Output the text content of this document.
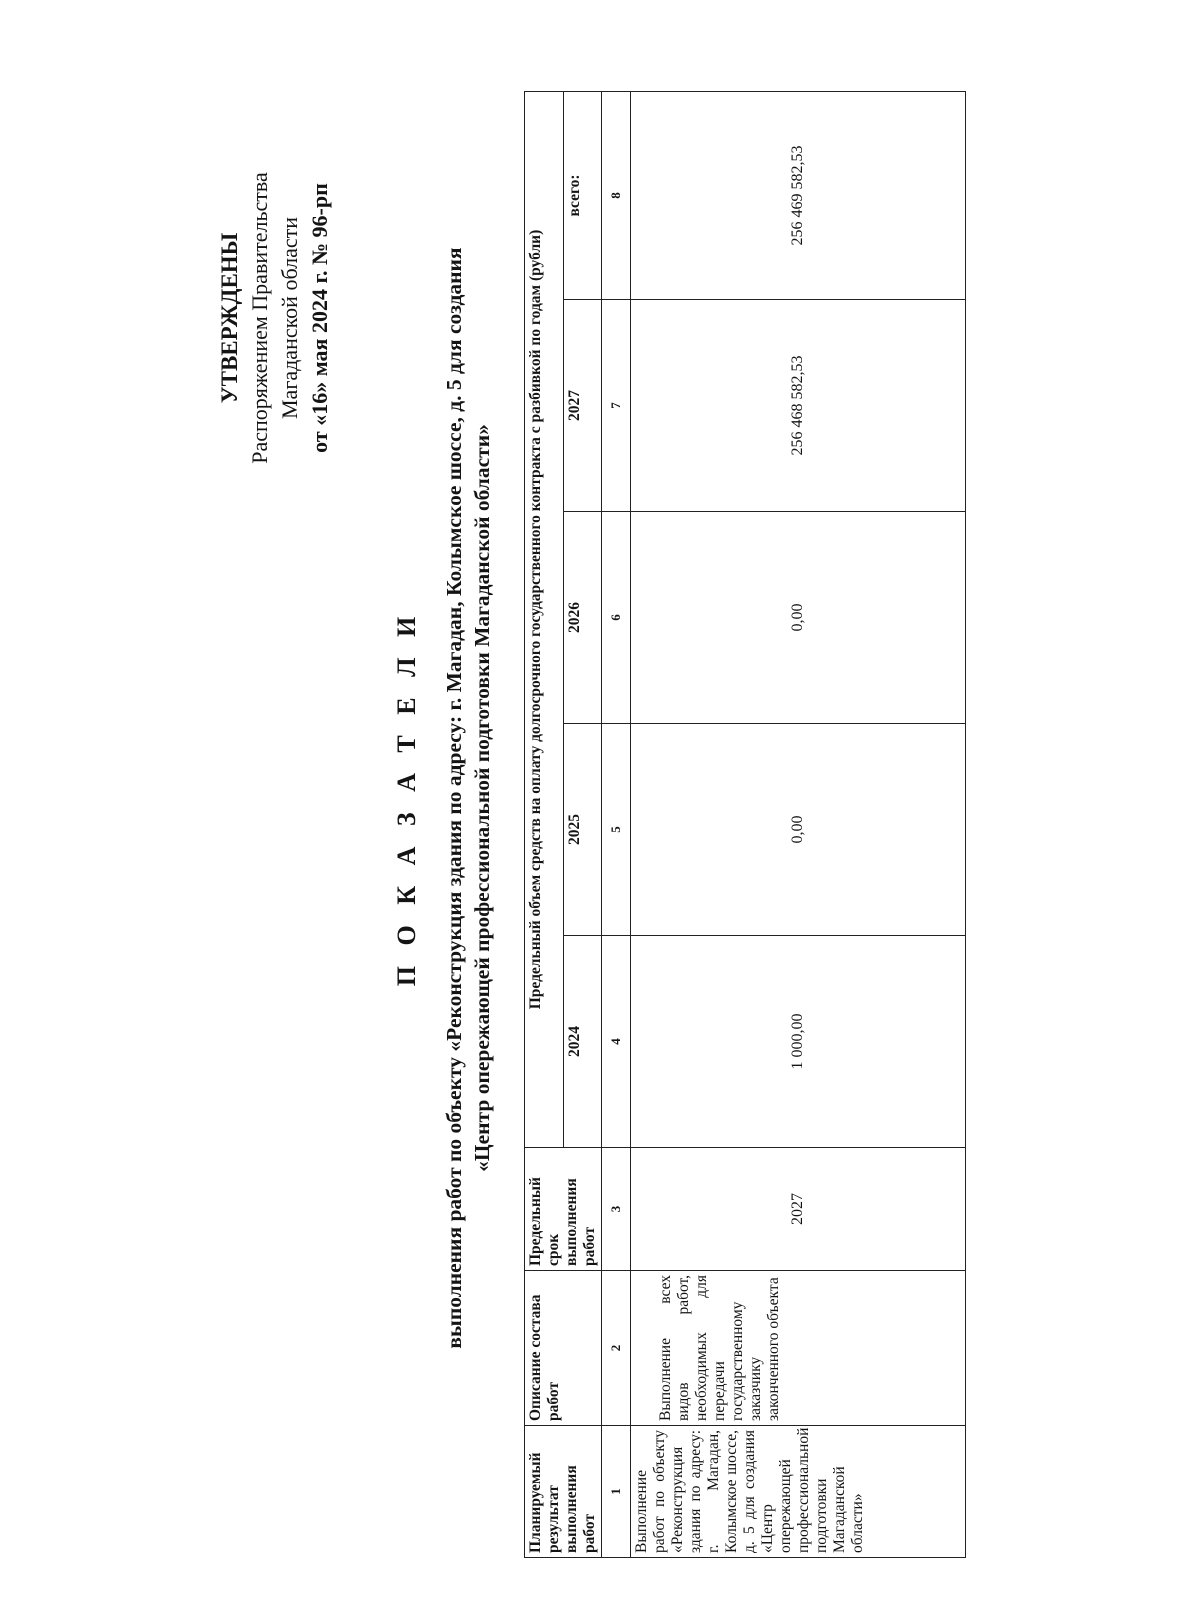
УТВЕРЖДЕНЫ Распоряжением Правительства Магаданской области от «16» мая 2024 г. № 96-рп
П О К А З А Т Е Л И выполнения работ по объекту «Реконструкция здания по адресу: г. Магадан, Колымское шоссе, д. 5 для создания «Центр опережающей профессиональной подготовки Магаданской области»
Планируемый результат выполнения работ	Описание состава работ	Предельный срок выполнения работ	Предельный объем средств на оплату долгосрочного государственного контракта с разбивкой по годам (рубли)				
			2024	2025	2026	2027	всего:
1	2	3	4	5	6	7	8
Выполнение работ по объекту «Реконструкция здания по адресу: г. Магадан, Колымское шоссе, д. 5 для создания «Центр опережающей профессиональной подготовки Магаданской области»	Выполнение всех видов работ, необходимых для передачи государственному заказчику законченного объекта	2027	1 000,00	0,00	0,00	256 468 582,53	256 469 582,53
